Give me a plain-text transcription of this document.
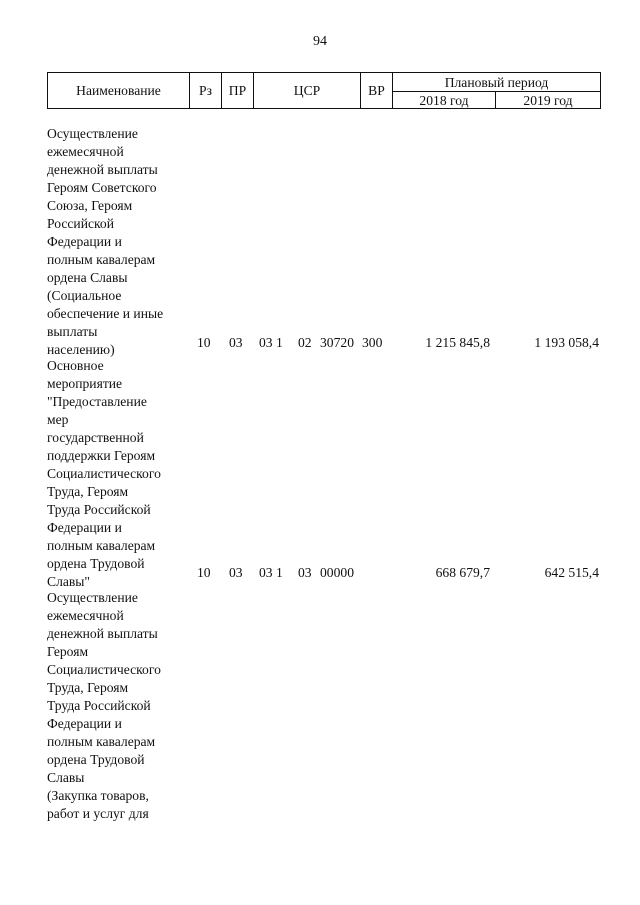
94
Наименование	Рз	ПР	ЦСР	ВР	Плановый период	
					2018 год	2019 год
Осуществление
ежемесячной
денежной выплаты
Героям Советского
Союза, Героям
Российской
Федерации и
полным кавалерам
ордена Славы
(Социальное
обеспечение и иные
выплаты
населению)	10 03 03 1 02 30720 300	1 215 845,8	1 193 058,4
Основное
мероприятие
"Предоставление
мер
государственной
поддержки Героям
Социалистического
Труда, Героям
Труда Российской
Федерации и
полным кавалерам
ордена Трудовой
Славы"
10 03 03 1 03 00000	668 679,7	642 515,4
Осуществление
ежемесячной
денежной выплаты
Героям
Социалистического
Труда, Героям
Труда Российской
Федерации и
полным кавалерам
ордена Трудовой
Славы
(Закупка товаров,
работ и услуг для
